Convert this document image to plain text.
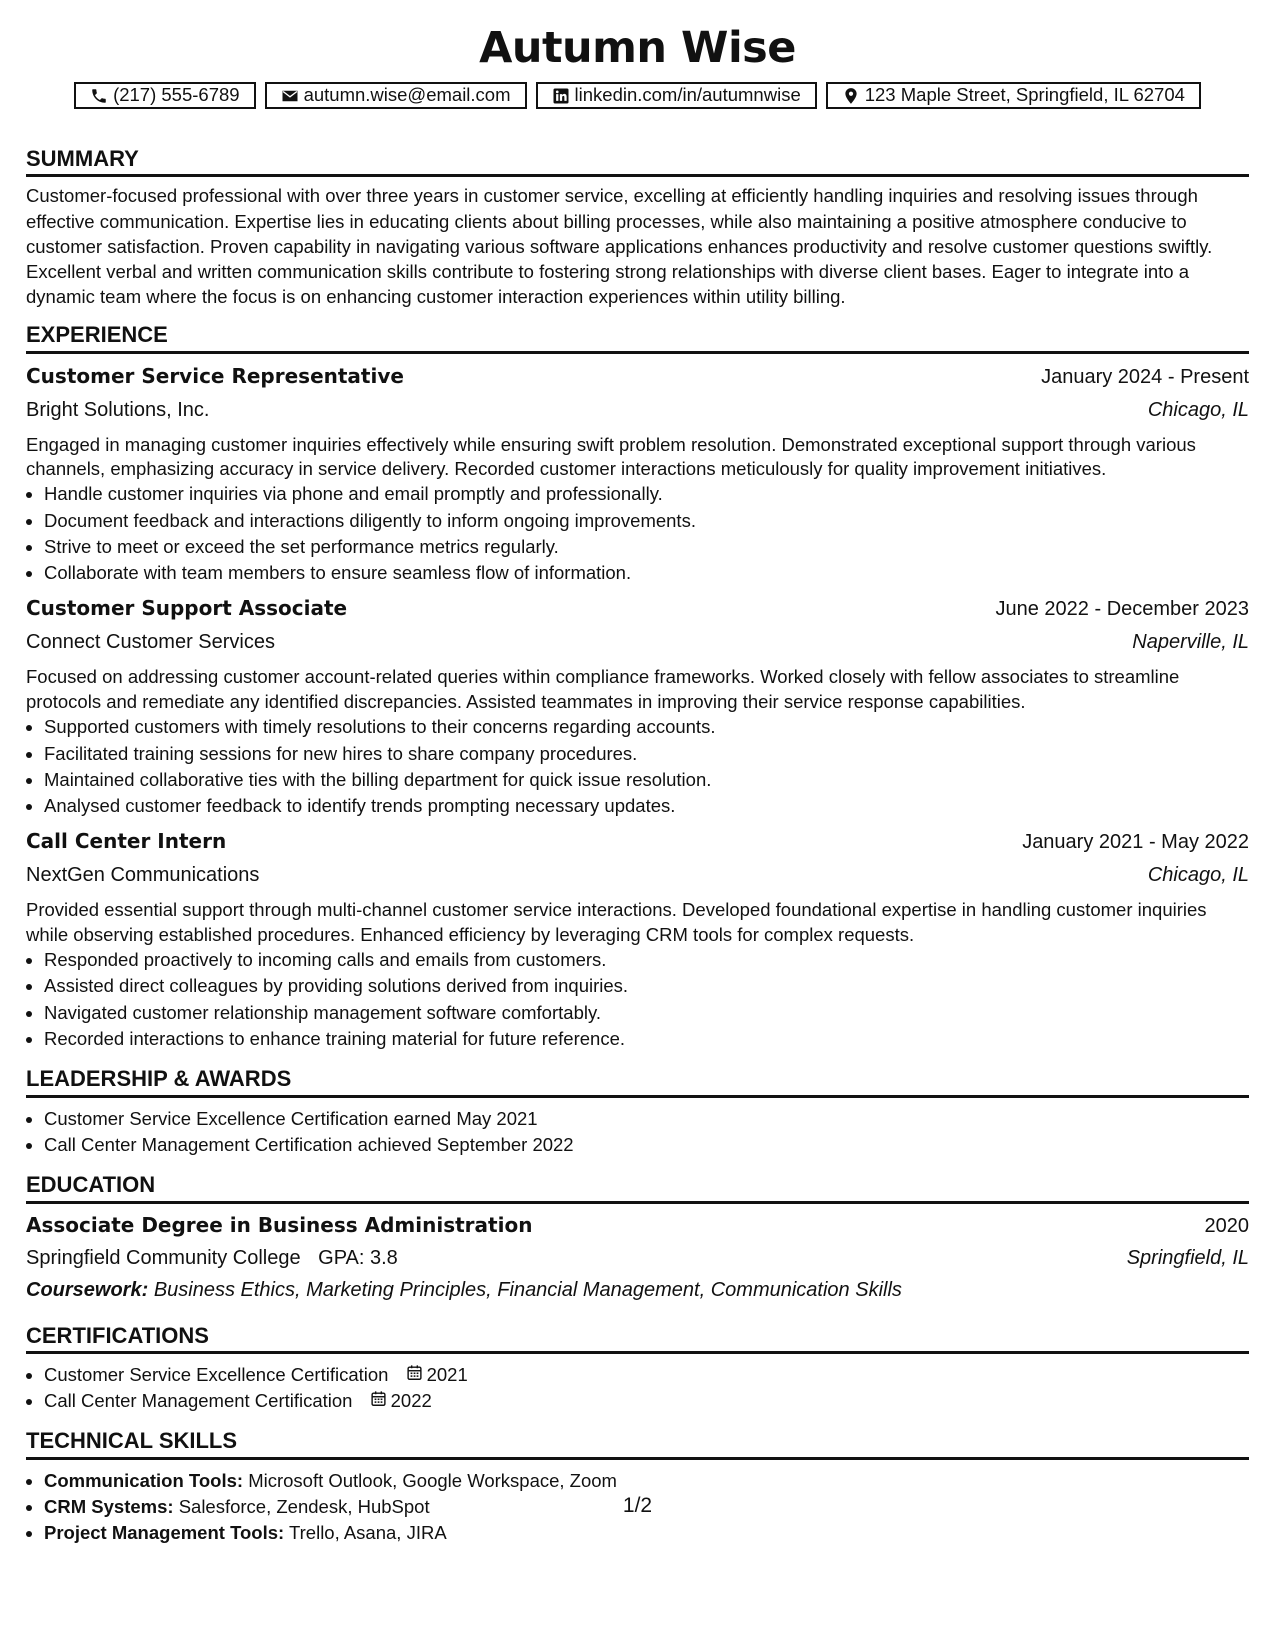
Autumn Wise
(217) 555-6789	autumn.wise@email.com	linkedin.com/in/autumnwise	123 Maple Street, Springfield, IL 62704
SUMMARY

Customer-focused professional with over three years in customer service, excelling at efficiently handling inquiries and resolving issues through effective communication. Expertise lies in educating clients about billing processes, while also maintaining a positive atmosphere conducive to customer satisfaction. Proven capability in navigating various software applications enhances productivity and resolve customer questions swiftly. Excellent verbal and written communication skills contribute to fostering strong relationships with diverse client bases. Eager to integrate into a dynamic team where the focus is on enhancing customer interaction experiences within utility billing.

EXPERIENCE
Customer Service Representative	January 2024 - Present
Bright Solutions, Inc.	Chicago, IL

Engaged in managing customer inquiries effectively while ensuring swift problem resolution. Demonstrated exceptional support through various channels, emphasizing accuracy in service delivery. Recorded customer interactions meticulously for quality improvement initiatives.

• Handle customer inquiries via phone and email promptly and professionally.
• Document feedback and interactions diligently to inform ongoing improvements.
• Strive to meet or exceed the set performance metrics regularly.
• Collaborate with team members to ensure seamless flow of information.
Customer Support Associate	June 2022 - December 2023
Connect Customer Services	Naperville, IL

Focused on addressing customer account-related queries within compliance frameworks. Worked closely with fellow associates to streamline protocols and remediate any identified discrepancies. Assisted teammates in improving their service response capabilities.

• Supported customers with timely resolutions to their concerns regarding accounts.
• Facilitated training sessions for new hires to share company procedures.
• Maintained collaborative ties with the billing department for quick issue resolution.
• Analysed customer feedback to identify trends prompting necessary updates.
Call Center Intern	January 2021 - May 2022
NextGen Communications	Chicago, IL

Provided essential support through multi-channel customer service interactions. Developed foundational expertise in handling customer inquiries while observing established procedures. Enhanced efficiency by leveraging CRM tools for complex requests.

• Responded proactively to incoming calls and emails from customers.
• Assisted direct colleagues by providing solutions derived from inquiries.
• Navigated customer relationship management software comfortably.
• Recorded interactions to enhance training material for future reference.
LEADERSHIP & AWARDS
• Customer Service Excellence Certification earned May 2021
• Call Center Management Certification achieved September 2022
EDUCATION
Associate Degree in Business Administration	2020
Springfield Community College GPA: 3.8	Springfield, IL
Coursework: Business Ethics, Marketing Principles, Financial Management, Communication Skills
CERTIFICATIONS
• Customer Service Excellence Certification 2021
• Call Center Management Certification 2022
TECHNICAL SKILLS
• Communication Tools: Microsoft Outlook, Google Workspace, Zoom
• CRM Systems: Salesforce, Zendesk, HubSpot
• Project Management Tools: Trello, Asana, JIRA
1/2
